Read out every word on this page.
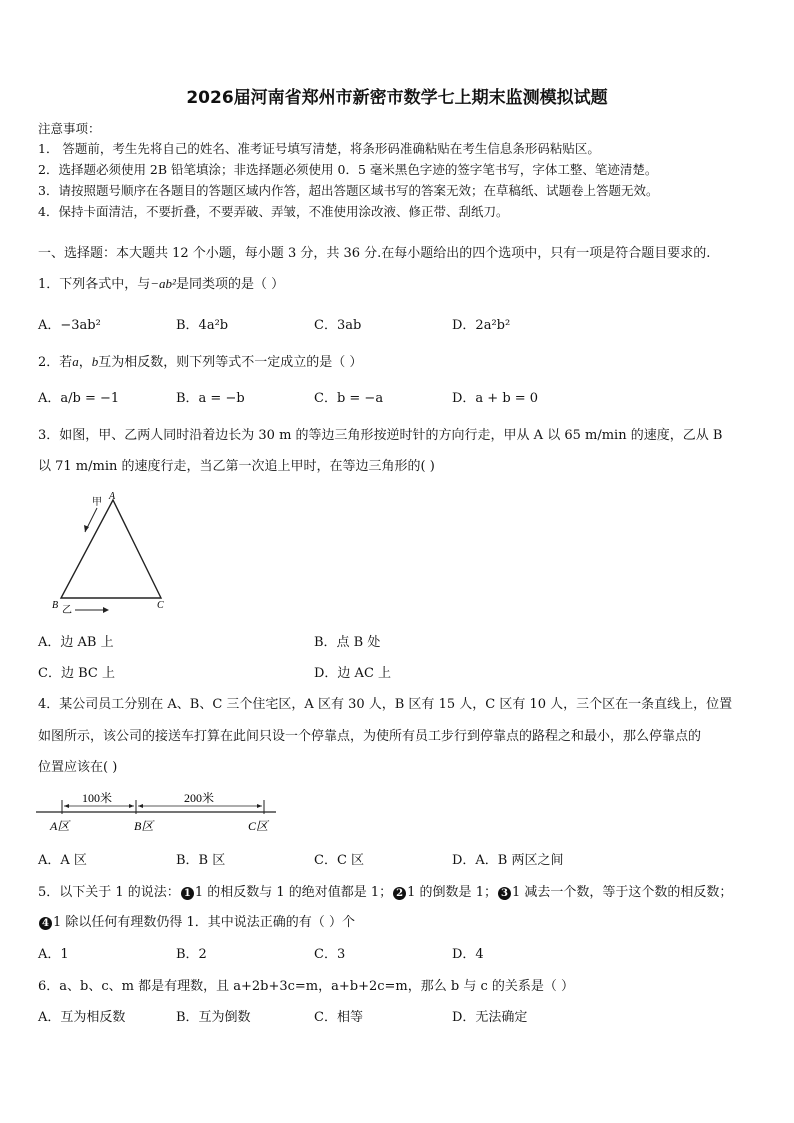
2026届河南省郑州市新密市数学七上期末监测模拟试题
注意事项：
1． 答题前，考生先将自己的姓名、准考证号填写清楚，将条形码准确粘贴在考生信息条形码粘贴区。
2．选择题必须使用 2B 铅笔填涂；非选择题必须使用 0．5 毫米黑色字迹的签字笔书写，字体工整、笔迹清楚。
3．请按照题号顺序在各题目的答题区域内作答，超出答题区域书写的答案无效；在草稿纸、试题卷上答题无效。
4．保持卡面清洁，不要折叠，不要弄破、弄皱，不准使用涂改液、修正带、刮纸刀。
一、选择题：本大题共 12 个小题，每小题 3 分，共 36 分.在每小题给出的四个选项中，只有一项是符合题目要求的.
1．下列各式中，与−ab²是同类项的是（ ）
A．−3ab²	B．4a²b	C．3ab	D．2a²b²
2．若a，b互为相反数，则下列等式不一定成立的是（ ）
A．a/b = −1	B．a = −b	C．b = −a	D．a + b = 0
3．如图，甲、乙两人同时沿着边长为 30 m 的等边三角形按逆时针的方向行走，甲从 A 以 65 m/min 的速度，乙从 B
以 71 m/min 的速度行走，当乙第一次追上甲时，在等边三角形的( )
甲
A
B	C
乙
A．边 AB 上	B．点 B 处
C．边 BC 上	D．边 AC 上
4．某公司员工分别在 A、B、C 三个住宅区，A 区有 30 人，B 区有 15 人，C 区有 10 人，三个区在一条直线上，位置
如图所示，该公司的接送车打算在此间只设一个停靠点，为使所有员工步行到停靠点的路程之和最小，那么停靠点的
位置应该在( )
100米	200米
A区	B区	C区
A．A 区	B．B 区	C．C 区	D．A．B 两区之间
5．以下关于 1 的说法： 1 1 的相反数与 1 的绝对值都是 1； 2 1 的倒数是 1； 3 1 减去一个数，等于这个数的相反数；
4 1 除以任何有理数仍得 1．其中说法正确的有（ ）个
A．1	B．2	C．3	D．4
6．a、b、c、m 都是有理数，且 a+2b+3c=m，a+b+2c=m，那么 b 与 c 的关系是（ ）
A．互为相反数	B．互为倒数	C．相等	D．无法确定
